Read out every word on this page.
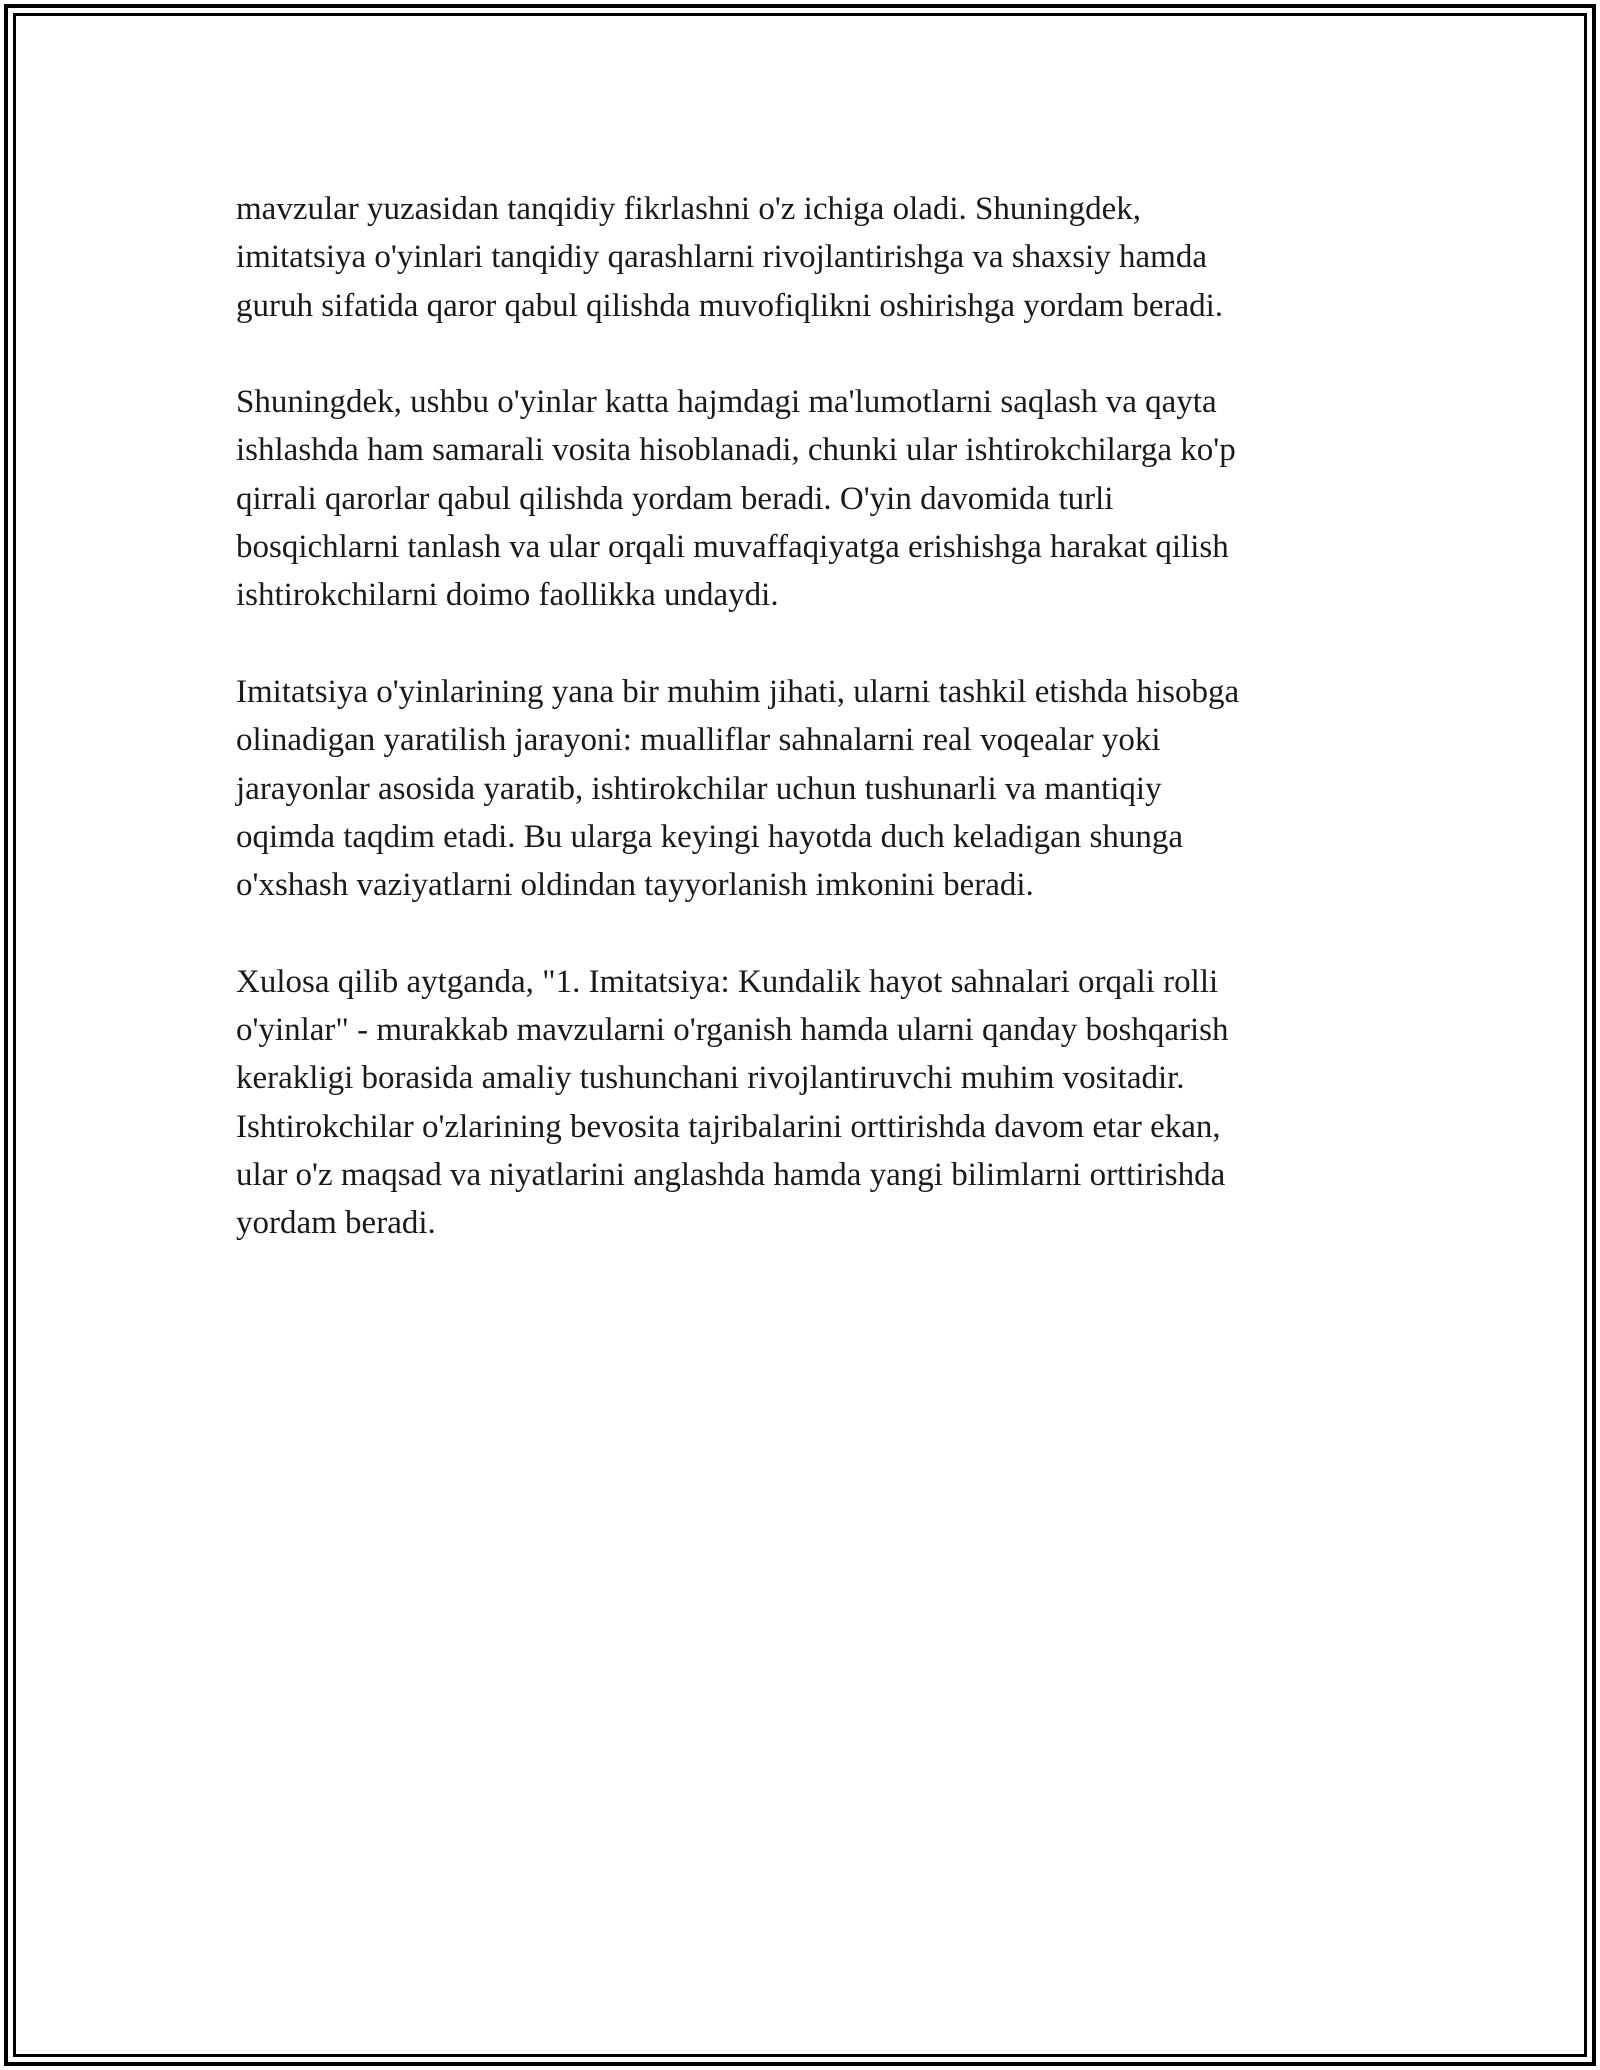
mavzular yuzasidan tanqidiy fikrlashni o'z ichiga oladi. Shuningdek,
imitatsiya o'yinlari tanqidiy qarashlarni rivojlantirishga va shaxsiy hamda
guruh sifatida qaror qabul qilishda muvofiqlikni oshirishga yordam beradi.

Shuningdek, ushbu o'yinlar katta hajmdagi ma'lumotlarni saqlash va qayta
ishlashda ham samarali vosita hisoblanadi, chunki ular ishtirokchilarga ko'p
qirrali qarorlar qabul qilishda yordam beradi. O'yin davomida turli
bosqichlarni tanlash va ular orqali muvaffaqiyatga erishishga harakat qilish
ishtirokchilarni doimo faollikka undaydi.

Imitatsiya o'yinlarining yana bir muhim jihati, ularni tashkil etishda hisobga
olinadigan yaratilish jarayoni: mualliflar sahnalarni real voqealar yoki
jarayonlar asosida yaratib, ishtirokchilar uchun tushunarli va mantiqiy
oqimda taqdim etadi. Bu ularga keyingi hayotda duch keladigan shunga
o'xshash vaziyatlarni oldindan tayyorlanish imkonini beradi.

Xulosa qilib aytganda, "1. Imitatsiya: Kundalik hayot sahnalari orqali rolli
o'yinlar" - murakkab mavzularni o'rganish hamda ularni qanday boshqarish
kerakligi borasida amaliy tushunchani rivojlantiruvchi muhim vositadir.
Ishtirokchilar o'zlarining bevosita tajribalarini orttirishda davom etar ekan,
ular o'z maqsad va niyatlarini anglashda hamda yangi bilimlarni orttirishda
yordam beradi.
